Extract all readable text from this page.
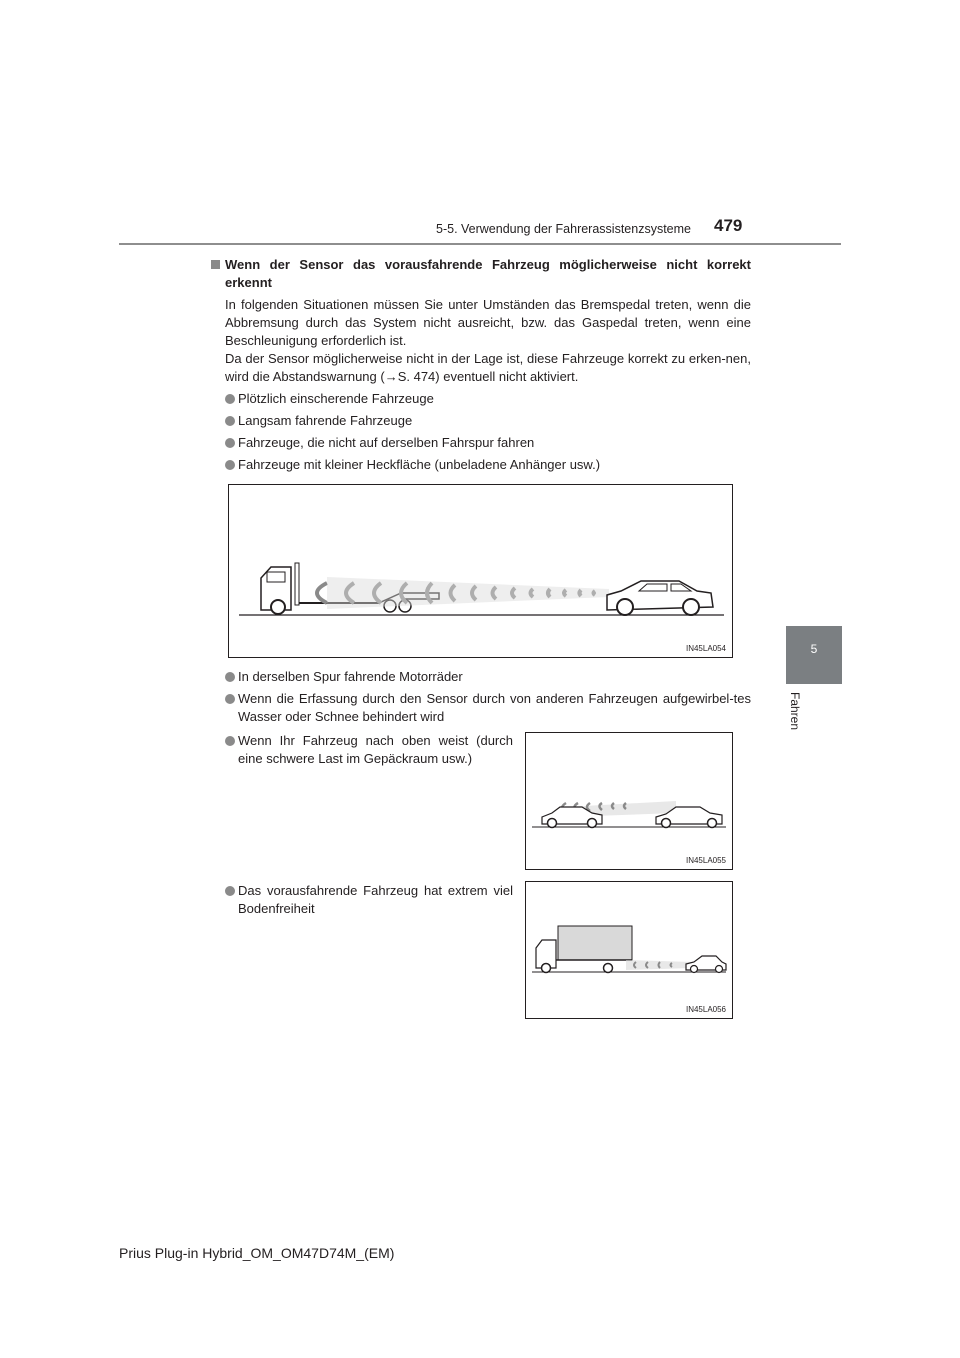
5-5. Verwendung der Fahrerassistenzsysteme 479
5
Fahren
Wenn der Sensor das vorausfahrende Fahrzeug möglicherweise nicht korrekt erkennt

In folgenden Situationen müssen Sie unter Umständen das Bremspedal treten, wenn die Abbremsung durch das System nicht ausreicht, bzw. das Gaspedal treten, wenn eine Beschleunigung erforderlich ist.

Da der Sensor möglicherweise nicht in der Lage ist, diese Fahrzeuge korrekt zu erken-nen, wird die Abstandswarnung (→S. 474) eventuell nicht aktiviert.

Plötzlich einscherende Fahrzeuge
Langsam fahrende Fahrzeuge
Fahrzeuge, die nicht auf derselben Fahrspur fahren
Fahrzeuge mit kleiner Heckfläche (unbeladene Anhänger usw.)
IN45LA054
In derselben Spur fahrende Motorräder
Wenn die Erfassung durch den Sensor durch von anderen Fahrzeugen aufgewirbel-tes Wasser oder Schnee behindert wird
Wenn Ihr Fahrzeug nach oben weist (durch eine schwere Last im Gepäckraum usw.)
IN45LA055
Das vorausfahrende Fahrzeug hat extrem viel Bodenfreiheit
IN45LA056
Prius Plug-in Hybrid_OM_OM47D74M_(EM)
